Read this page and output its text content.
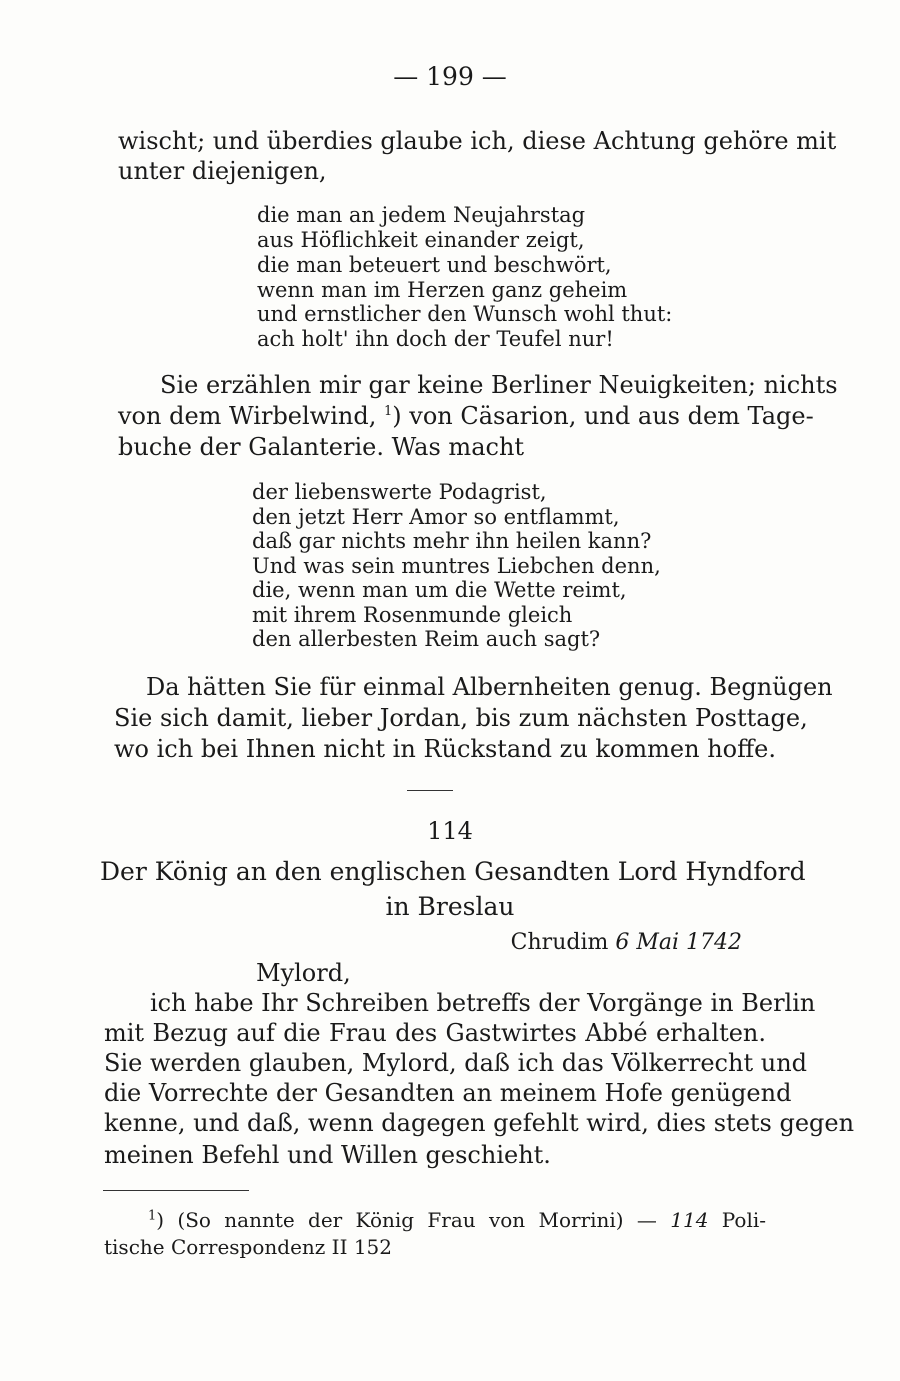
— 199 —
wischt; und überdies glaube ich, diese Achtung gehöre mit
unter diejenigen,
die man an jedem Neujahrstag
aus Höflichkeit einander zeigt,
die man beteuert und beschwört,
wenn man im Herzen ganz geheim
und ernstlicher den Wunsch wohl thut:
ach holt' ihn doch der Teufel nur!
Sie erzählen mir gar keine Berliner Neuigkeiten; nichts
von dem Wirbelwind, $^1$) von Cäsarion, und aus dem Tage-
buche der Galanterie. Was macht
der liebenswerte Podagrist,
den jetzt Herr Amor so entflammt,
daß gar nichts mehr ihn heilen kann?
Und was sein muntres Liebchen denn,
die, wenn man um die Wette reimt,
mit ihrem Rosenmunde gleich
den allerbesten Reim auch sagt?
Da hätten Sie für einmal Albernheiten genug. Begnügen
Sie sich damit, lieber Jordan, bis zum nächsten Posttage,
wo ich bei Ihnen nicht in Rückstand zu kommen hoffe.
114
Der König an den englischen Gesandten Lord Hyndford
in Breslau
Chrudim 6 Mai 1742
Mylord,
ich habe Ihr Schreiben betreffs der Vorgänge in Berlin
mit Bezug auf die Frau des Gastwirtes Abbé erhalten.
Sie werden glauben, Mylord, daß ich das Völkerrecht und
die Vorrechte der Gesandten an meinem Hofe genügend
kenne, und daß, wenn dagegen gefehlt wird, dies stets gegen
meinen Befehl und Willen geschieht.
$^1$) (So nannte der König Frau von Morrini) — 114 Poli-
tische Correspondenz II 152
